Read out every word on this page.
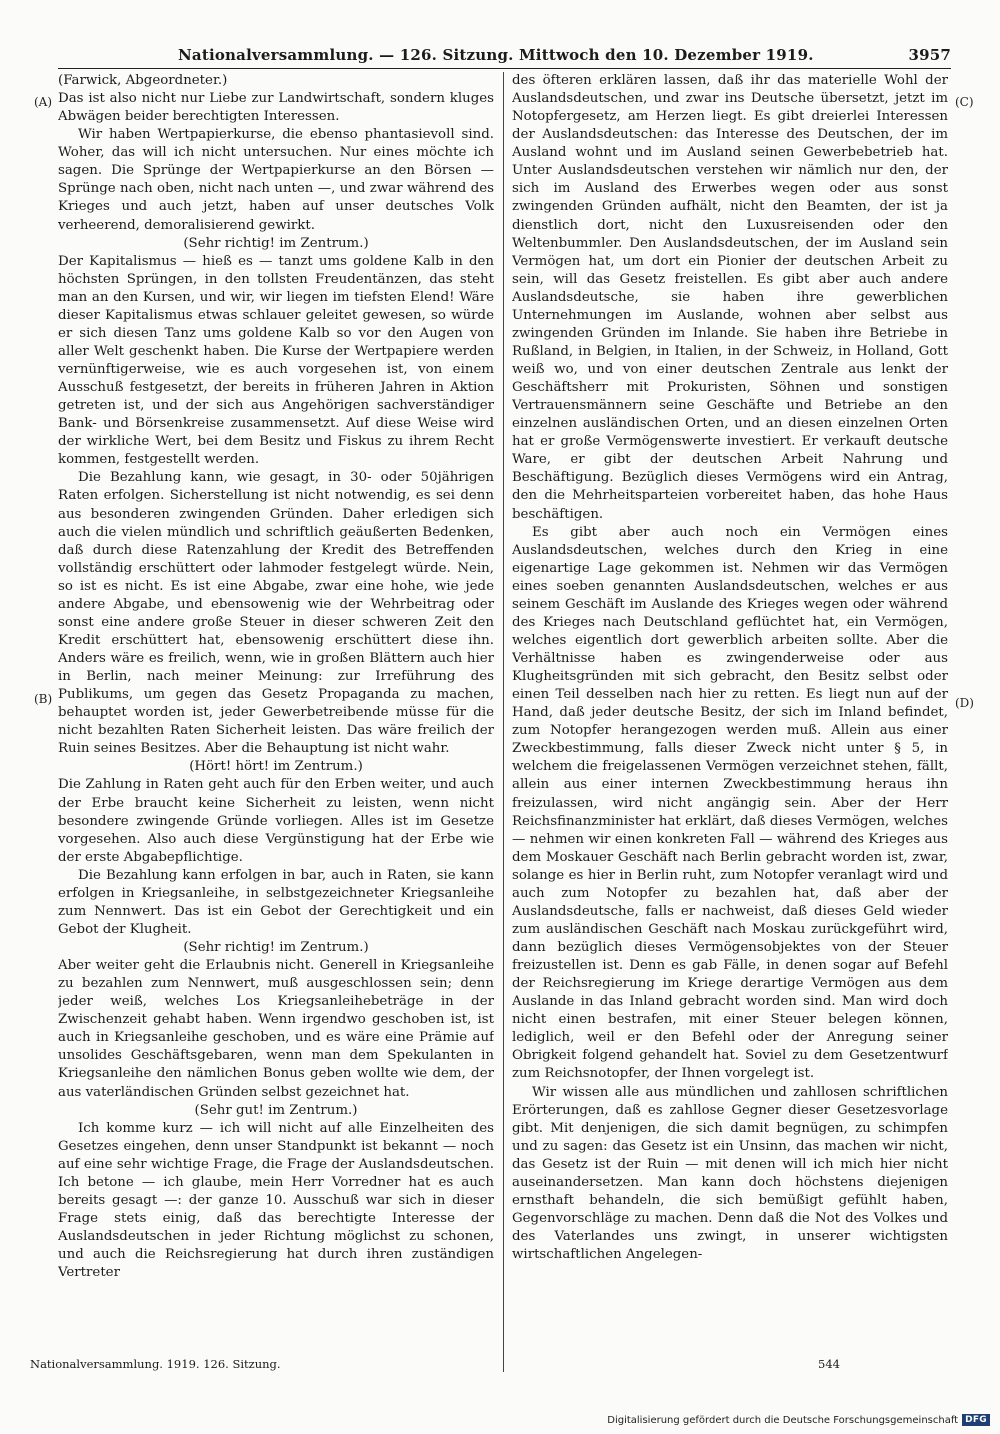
Nationalversammlung. — 126. Sitzung. Mittwoch den 10. Dezember 1919.	3957

(Farwick, Abgeordneter.)

Das ist also nicht nur Liebe zur Landwirtschaft, sondern kluges Abwägen beider berechtigten Interessen.

Wir haben Wertpapierkurse, die ebenso phantasievoll sind. Woher, das will ich nicht untersuchen. Nur eines möchte ich sagen. Die Sprünge der Wertpapierkurse an den Börsen — Sprünge nach oben, nicht nach unten —, und zwar während des Krieges und auch jetzt, haben auf unser deutsches Volk verheerend, demoralisierend gewirkt.

(Sehr richtig! im Zentrum.)

Der Kapitalismus — hieß es — tanzt ums goldene Kalb in den höchsten Sprüngen, in den tollsten Freudentänzen, das steht man an den Kursen, und wir, wir liegen im tiefsten Elend! Wäre dieser Kapitalismus etwas schlauer geleitet gewesen, so würde er sich diesen Tanz ums goldene Kalb so vor den Augen von aller Welt geschenkt haben. Die Kurse der Wertpapiere werden vernünftigerweise, wie es auch vorgesehen ist, von einem Ausschuß festgesetzt, der bereits in früheren Jahren in Aktion getreten ist, und der sich aus Angehörigen sachverständiger Bank- und Börsenkreise zusammensetzt. Auf diese Weise wird der wirkliche Wert, bei dem Besitz und Fiskus zu ihrem Recht kommen, festgestellt werden.

Die Bezahlung kann, wie gesagt, in 30- oder 50jährigen Raten erfolgen. Sicherstellung ist nicht notwendig, es sei denn aus besonderen zwingenden Gründen. Daher erledigen sich auch die vielen mündlich und schriftlich geäußerten Bedenken, daß durch diese Ratenzahlung der Kredit des Betreffenden vollständig erschüttert oder lahmoder festgelegt würde. Nein, so ist es nicht. Es ist eine Abgabe, zwar eine hohe, wie jede andere Abgabe, und ebensowenig wie der Wehrbeitrag oder sonst eine andere große Steuer in dieser schweren Zeit den Kredit erschüttert hat, ebensowenig erschüttert diese ihn. Anders wäre es freilich, wenn, wie in großen Blättern auch hier in Berlin, nach meiner Meinung: zur Irreführung des Publikums, um gegen das Gesetz Propaganda zu machen, behauptet worden ist, jeder Gewerbetreibende müsse für die nicht bezahlten Raten Sicherheit leisten. Das wäre freilich der Ruin seines Besitzes. Aber die Behauptung ist nicht wahr.

(Hört! hört! im Zentrum.)

Die Zahlung in Raten geht auch für den Erben weiter, und auch der Erbe braucht keine Sicherheit zu leisten, wenn nicht besondere zwingende Gründe vorliegen. Alles ist im Gesetze vorgesehen. Also auch diese Vergünstigung hat der Erbe wie der erste Abgabepflichtige.

Die Bezahlung kann erfolgen in bar, auch in Raten, sie kann erfolgen in Kriegsanleihe, in selbstgezeichneter Kriegsanleihe zum Nennwert. Das ist ein Gebot der Gerechtigkeit und ein Gebot der Klugheit.

(Sehr richtig! im Zentrum.)

Aber weiter geht die Erlaubnis nicht. Generell in Kriegsanleihe zu bezahlen zum Nennwert, muß ausgeschlossen sein; denn jeder weiß, welches Los Kriegsanleihebeträge in der Zwischenzeit gehabt haben. Wenn irgendwo geschoben ist, ist auch in Kriegsanleihe geschoben, und es wäre eine Prämie auf unsolides Geschäftsgebaren, wenn man dem Spekulanten in Kriegsanleihe den nämlichen Bonus geben wollte wie dem, der aus vaterländischen Gründen selbst gezeichnet hat.

(Sehr gut! im Zentrum.)

Ich komme kurz — ich will nicht auf alle Einzelheiten des Gesetzes eingehen, denn unser Standpunkt ist bekannt — noch auf eine sehr wichtige Frage, die Frage der Auslandsdeutschen. Ich betone — ich glaube, mein Herr Vorredner hat es auch bereits gesagt —: der ganze 10. Ausschuß war sich in dieser Frage stets einig, daß das berechtigte Interesse der Auslandsdeutschen in jeder Richtung möglichst zu schonen, und auch die Reichsregierung hat durch ihren zuständigen Vertreter

des öfteren erklären lassen, daß ihr das materielle Wohl der Auslandsdeutschen, und zwar ins Deutsche übersetzt, jetzt im Notopfergesetz, am Herzen liegt. Es gibt dreierlei Interessen der Auslandsdeutschen: das Interesse des Deutschen, der im Ausland wohnt und im Ausland seinen Gewerbebetrieb hat. Unter Auslandsdeutschen verstehen wir nämlich nur den, der sich im Ausland des Erwerbes wegen oder aus sonst zwingenden Gründen aufhält, nicht den Beamten, der ist ja dienstlich dort, nicht den Luxusreisenden oder den Weltenbummler. Den Auslandsdeutschen, der im Ausland sein Vermögen hat, um dort ein Pionier der deutschen Arbeit zu sein, will das Gesetz freistellen. Es gibt aber auch andere Auslandsdeutsche, sie haben ihre gewerblichen Unternehmungen im Auslande, wohnen aber selbst aus zwingenden Gründen im Inlande. Sie haben ihre Betriebe in Rußland, in Belgien, in Italien, in der Schweiz, in Holland, Gott weiß wo, und von einer deutschen Zentrale aus lenkt der Geschäftsherr mit Prokuristen, Söhnen und sonstigen Vertrauensmännern seine Geschäfte und Betriebe an den einzelnen ausländischen Orten, und an diesen einzelnen Orten hat er große Vermögenswerte investiert. Er verkauft deutsche Ware, er gibt der deutschen Arbeit Nahrung und Beschäftigung. Bezüglich dieses Vermögens wird ein Antrag, den die Mehrheitsparteien vorbereitet haben, das hohe Haus beschäftigen.

Es gibt aber auch noch ein Vermögen eines Auslandsdeutschen, welches durch den Krieg in eine eigenartige Lage gekommen ist. Nehmen wir das Vermögen eines soeben genannten Auslandsdeutschen, welches er aus seinem Geschäft im Auslande des Krieges wegen oder während des Krieges nach Deutschland geflüchtet hat, ein Vermögen, welches eigentlich dort gewerblich arbeiten sollte. Aber die Verhältnisse haben es zwingenderweise oder aus Klugheitsgründen mit sich gebracht, den Besitz selbst oder einen Teil desselben nach hier zu retten. Es liegt nun auf der Hand, daß jeder deutsche Besitz, der sich im Inland befindet, zum Notopfer herangezogen werden muß. Allein aus einer Zweckbestimmung, falls dieser Zweck nicht unter § 5, in welchem die freigelassenen Vermögen verzeichnet stehen, fällt, allein aus einer internen Zweckbestimmung heraus ihn freizulassen, wird nicht angängig sein. Aber der Herr Reichsfinanzminister hat erklärt, daß dieses Vermögen, welches — nehmen wir einen konkreten Fall — während des Krieges aus dem Moskauer Geschäft nach Berlin gebracht worden ist, zwar, solange es hier in Berlin ruht, zum Notopfer veranlagt wird und auch zum Notopfer zu bezahlen hat, daß aber der Auslandsdeutsche, falls er nachweist, daß dieses Geld wieder zum ausländischen Geschäft nach Moskau zurückgeführt wird, dann bezüglich dieses Vermögensobjektes von der Steuer freizustellen ist. Denn es gab Fälle, in denen sogar auf Befehl der Reichsregierung im Kriege derartige Vermögen aus dem Auslande in das Inland gebracht worden sind. Man wird doch nicht einen bestrafen, mit einer Steuer belegen können, lediglich, weil er den Befehl oder der Anregung seiner Obrigkeit folgend gehandelt hat. Soviel zu dem Gesetzentwurf zum Reichsnotopfer, der Ihnen vorgelegt ist.

Wir wissen alle aus mündlichen und zahllosen schriftlichen Erörterungen, daß es zahllose Gegner dieser Gesetzesvorlage gibt. Mit denjenigen, die sich damit begnügen, zu schimpfen und zu sagen: das Gesetz ist ein Unsinn, das machen wir nicht, das Gesetz ist der Ruin — mit denen will ich mich hier nicht auseinandersetzen. Man kann doch höchstens diejenigen ernsthaft behandeln, die sich bemüßigt gefühlt haben, Gegenvorschläge zu machen. Denn daß die Not des Volkes und des Vaterlandes uns zwingt, in unserer wichtigsten wirtschaftlichen Angelegen-

(A)
(B)
(C)
(D)
Nationalversammlung. 1919. 126. Sitzung.	544
Digitalisierung gefördert durch die Deutsche Forschungsgemeinschaft DFG
